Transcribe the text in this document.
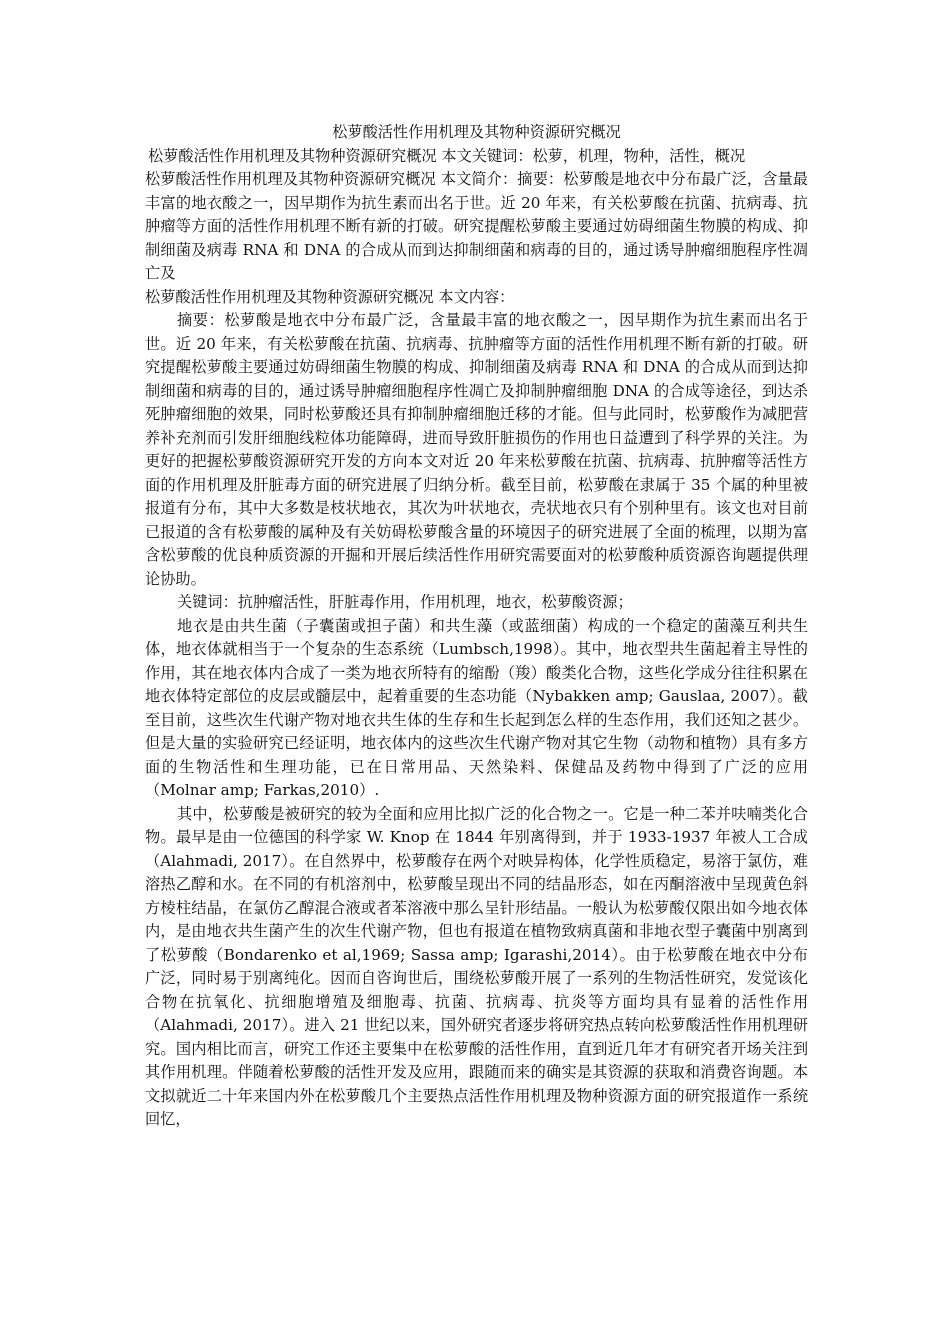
松萝酸活性作用机理及其物种资源研究概况

松萝酸活性作用机理及其物种资源研究概况 本文关键词：松萝，机理，物种，活性，概况

松萝酸活性作用机理及其物种资源研究概况 本文简介：摘要：松萝酸是地衣中分布最广泛，含量最丰富的地衣酸之一，因早期作为抗生素而出名于世。近 20 年来，有关松萝酸在抗菌、抗病毒、抗肿瘤等方面的活性作用机理不断有新的打破。研究提醒松萝酸主要通过妨碍细菌生物膜的构成、抑制细菌及病毒 RNA 和 DNA 的合成从而到达抑制细菌和病毒的目的，通过诱导肿瘤细胞程序性凋亡及

松萝酸活性作用机理及其物种资源研究概况 本文内容：

摘要：松萝酸是地衣中分布最广泛，含量最丰富的地衣酸之一，因早期作为抗生素而出名于世。近 20 年来，有关松萝酸在抗菌、抗病毒、抗肿瘤等方面的活性作用机理不断有新的打破。研究提醒松萝酸主要通过妨碍细菌生物膜的构成、抑制细菌及病毒 RNA 和 DNA 的合成从而到达抑制细菌和病毒的目的，通过诱导肿瘤细胞程序性凋亡及抑制肿瘤细胞 DNA 的合成等途径，到达杀死肿瘤细胞的效果，同时松萝酸还具有抑制肿瘤细胞迁移的才能。但与此同时，松萝酸作为减肥营养补充剂而引发肝细胞线粒体功能障碍，进而导致肝脏损伤的作用也日益遭到了科学界的关注。为更好的把握松萝酸资源研究开发的方向本文对近 20 年来松萝酸在抗菌、抗病毒、抗肿瘤等活性方面的作用机理及肝脏毒方面的研究进展了归纳分析。截至目前，松萝酸在隶属于 35 个属的种里被报道有分布，其中大多数是枝状地衣，其次为叶状地衣，壳状地衣只有个别种里有。该文也对目前已报道的含有松萝酸的属种及有关妨碍松萝酸含量的环境因子的研究进展了全面的梳理，以期为富含松萝酸的优良种质资源的开掘和开展后续活性作用研究需要面对的松萝酸种质资源咨询题提供理论协助。

关键词：抗肿瘤活性，肝脏毒作用，作用机理，地衣，松萝酸资源；

地衣是由共生菌（子囊菌或担子菌）和共生藻（或蓝细菌）构成的一个稳定的菌藻互利共生体，地衣体就相当于一个复杂的生态系统（Lumbsch,1998）。其中，地衣型共生菌起着主导性的作用，其在地衣体内合成了一类为地衣所特有的缩酚（羧）酸类化合物，这些化学成分往往积累在地衣体特定部位的皮层或髓层中，起着重要的生态功能（Nybakken amp; Gauslaa, 2007）。截至目前，这些次生代谢产物对地衣共生体的生存和生长起到怎么样的生态作用，我们还知之甚少。但是大量的实验研究已经证明，地衣体内的这些次生代谢产物对其它生物（动物和植物）具有多方面的生物活性和生理功能，已在日常用品、天然染料、保健品及药物中得到了广泛的应用（Molnar amp; Farkas,2010）.

其中，松萝酸是被研究的较为全面和应用比拟广泛的化合物之一。它是一种二苯并呋喃类化合物。最早是由一位德国的科学家 W. Knop 在 1844 年别离得到，并于 1933-1937 年被人工合成（Alahmadi, 2017）。在自然界中，松萝酸存在两个对映异构体，化学性质稳定，易溶于氯仿，难溶热乙醇和水。在不同的有机溶剂中，松萝酸呈现出不同的结晶形态，如在丙酮溶液中呈现黄色斜方棱柱结晶，在氯仿乙醇混合液或者苯溶液中那么呈针形结晶。一般认为松萝酸仅限出如今地衣体内，是由地衣共生菌产生的次生代谢产物，但也有报道在植物致病真菌和非地衣型子囊菌中别离到了松萝酸（Bondarenko et al,1969; Sassa amp; Igarashi,2014）。由于松萝酸在地衣中分布广泛，同时易于别离纯化。因而自咨询世后，围绕松萝酸开展了一系列的生物活性研究，发觉该化合物在抗氧化、抗细胞增殖及细胞毒、抗菌、抗病毒、抗炎等方面均具有显着的活性作用（Alahmadi, 2017）。进入 21 世纪以来，国外研究者逐步将研究热点转向松萝酸活性作用机理研究。国内相比而言，研究工作还主要集中在松萝酸的活性作用，直到近几年才有研究者开场关注到其作用机理。伴随着松萝酸的活性开发及应用，跟随而来的确实是其资源的获取和消费咨询题。本文拟就近二十年来国内外在松萝酸几个主要热点活性作用机理及物种资源方面的研究报道作一系统回忆，
